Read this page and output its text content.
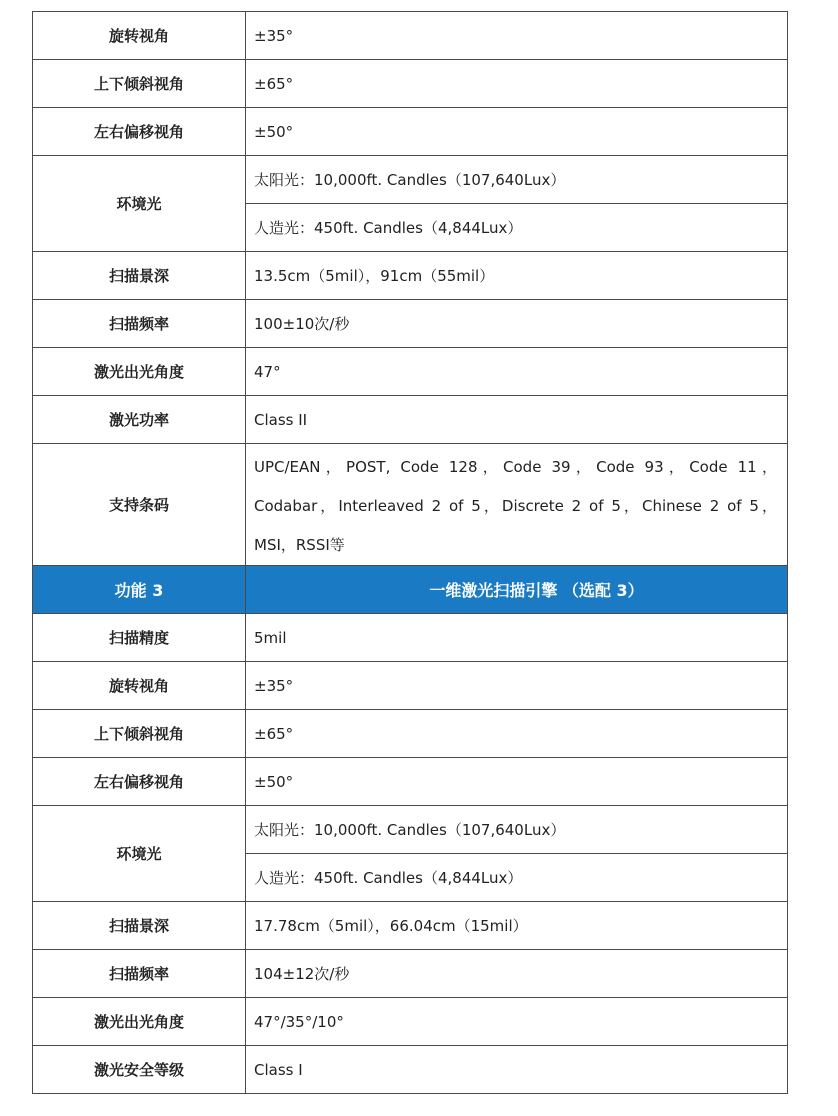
旋转视角	±35°
上下倾斜视角	±65°
左右偏移视角	±50°
环境光	太阳光：10,000ft. Candles（107,640Lux）
	人造光：450ft. Candles（4,844Lux）
扫描景深	13.5cm（5mil），91cm（55mil）
扫描频率	100±10次/秒
激光出光角度	47°
激光功率	Class II
支持条码	UPC/EAN，POST, Code 128，Code 39，Code 93，Code 11，
Codabar，Interleaved 2 of 5，Discrete 2 of 5，Chinese 2 of 5，
MSI，RSSI等

功能 3	一维激光扫描引擎 （选配 3）
扫描精度	5mil
旋转视角	±35°
上下倾斜视角	±65°
左右偏移视角	±50°
环境光	太阳光：10,000ft. Candles（107,640Lux）
	人造光：450ft. Candles（4,844Lux）
扫描景深	17.78cm（5mil），66.04cm（15mil）
扫描频率	104±12次/秒
激光出光角度	47°/35°/10°
激光安全等级	Class I
